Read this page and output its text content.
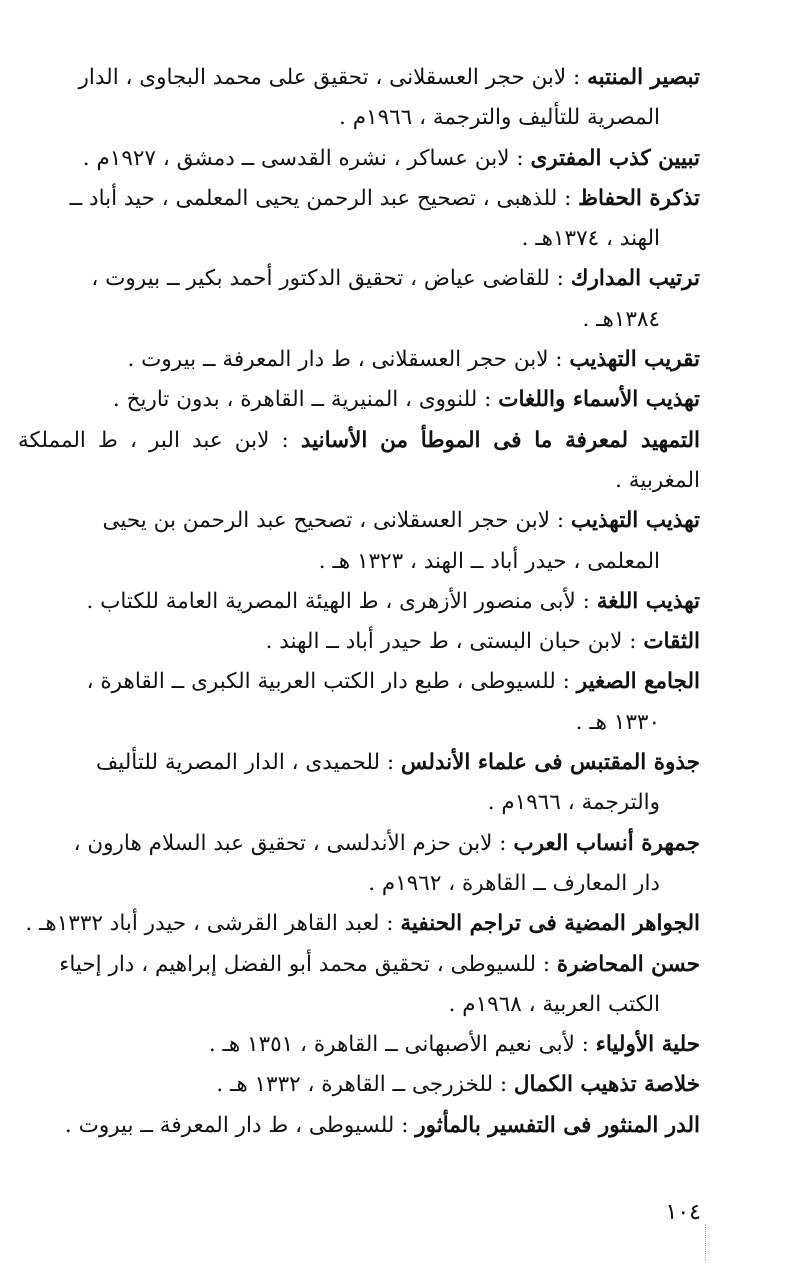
تبصير المنتبه : لابن حجر العسقلانى ، تحقيق على محمد البجاوى ، الدار
المصرية للتأليف والترجمة ، ١٩٦٦م .

تبيين كذب المفترى : لابن عساكر ، نشره القدسى ــ دمشق ، ١٩٢٧م .

تذكرة الحفاظ : للذهبى ، تصحيح عبد الرحمن يحيى المعلمى ، حيد أباد ــ
الهند ، ١٣٧٤هـ .

ترتيب المدارك : للقاضى عياض ، تحقيق الدكتور أحمد بكير ــ بيروت ،
١٣٨٤هـ .

تقريب التهذيب : لابن حجر العسقلانى ، ط دار المعرفة ــ بيروت .

تهذيب الأسماء واللغات : للنووى ، المنيرية ــ القاهرة ، بدون تاريخ .

التمهيد لمعرفة ما فى الموطأ من الأسانيد : لابن عبد البر ، ط المملكة المغربية .

تهذيب التهذيب : لابن حجر العسقلانى ، تصحيح عبد الرحمن بن يحيى
المعلمى ، حيدر أباد ــ الهند ، ١٣٢٣ هـ .

تهذيب اللغة : لأبى منصور الأزهرى ، ط الهيئة المصرية العامة للكتاب .

الثقات : لابن حبان البستى ، ط حيدر أباد ــ الهند .

الجامع الصغير : للسيوطى ، طبع دار الكتب العربية الكبرى ــ القاهرة ،
١٣٣٠ هـ .

جذوة المقتبس فى علماء الأندلس : للحميدى ، الدار المصرية للتأليف
والترجمة ، ١٩٦٦م .

جمهرة أنساب العرب : لابن حزم الأندلسى ، تحقيق عبد السلام هارون ،
دار المعارف ــ القاهرة ، ١٩٦٢م .

الجواهر المضية فى تراجم الحنفية : لعبد القاهر القرشى ، حيدر أباد ١٣٣٢هـ .

حسن المحاضرة : للسيوطى ، تحقيق محمد أبو الفضل إبراهيم ، دار إحياء
الكتب العربية ، ١٩٦٨م .

حلية الأولياء : لأبى نعيم الأصبهانى ــ القاهرة ، ١٣٥١ هـ .

خلاصة تذهيب الكمال : للخزرجى ــ القاهرة ، ١٣٣٢ هـ .

الدر المنثور فى التفسير بالمأثور : للسيوطى ، ط دار المعرفة ــ بيروت .

١٠٤
